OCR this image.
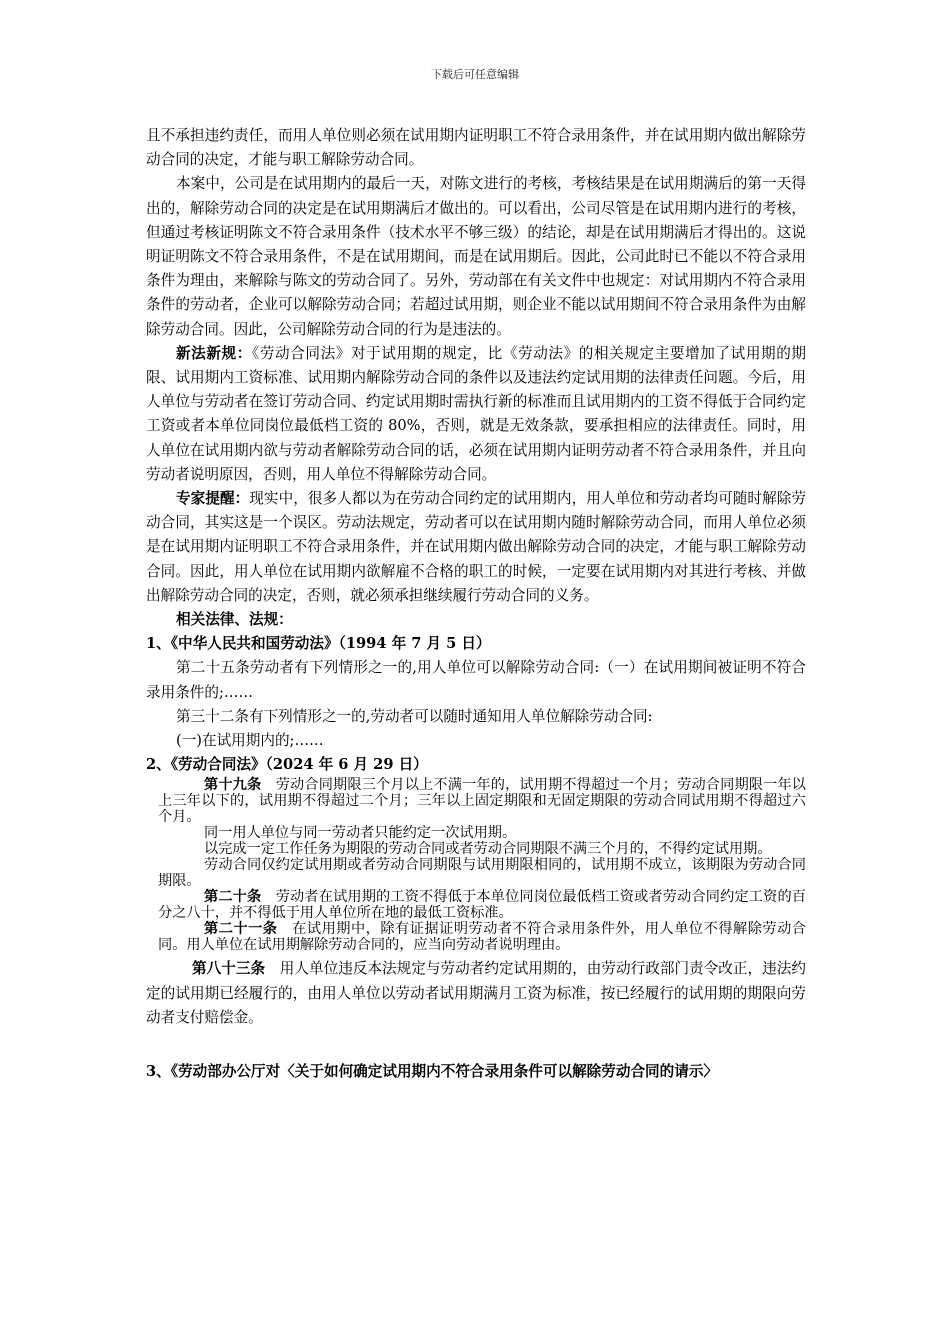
下载后可任意编辑

且不承担违约责任，而用人单位则必须在试用期内证明职工不符合录用条件，并在试用期内做出解除劳动合同的决定，才能与职工解除劳动合同。

本案中，公司是在试用期内的最后一天，对陈文进行的考核，考核结果是在试用期满后的第一天得出的，解除劳动合同的决定是在试用期满后才做出的。可以看出，公司尽管是在试用期内进行的考核，但通过考核证明陈文不符合录用条件（技术水平不够三级）的结论，却是在试用期满后才得出的。这说明证明陈文不符合录用条件，不是在试用期间，而是在试用期后。因此，公司此时已不能以不符合录用条件为理由，来解除与陈文的劳动合同了。另外，劳动部在有关文件中也规定：对试用期内不符合录用条件的劳动者，企业可以解除劳动合同；若超过试用期，则企业不能以试用期间不符合录用条件为由解除劳动合同。因此，公司解除劳动合同的行为是违法的。

新法新规：《劳动合同法》对于试用期的规定，比《劳动法》的相关规定主要增加了试用期的期限、试用期内工资标准、试用期内解除劳动合同的条件以及违法约定试用期的法律责任问题。今后，用人单位与劳动者在签订劳动合同、约定试用期时需执行新的标准而且试用期内的工资不得低于合同约定工资或者本单位同岗位最低档工资的 80%，否则，就是无效条款，要承担相应的法律责任。同时，用人单位在试用期内欲与劳动者解除劳动合同的话，必须在试用期内证明劳动者不符合录用条件，并且向劳动者说明原因，否则，用人单位不得解除劳动合同。

专家提醒：现实中，很多人都以为在劳动合同约定的试用期内，用人单位和劳动者均可随时解除劳动合同，其实这是一个误区。劳动法规定，劳动者可以在试用期内随时解除劳动合同，而用人单位必须是在试用期内证明职工不符合录用条件，并在试用期内做出解除劳动合同的决定，才能与职工解除劳动合同。因此，用人单位在试用期内欲解雇不合格的职工的时候，一定要在试用期内对其进行考核、并做出解除劳动合同的决定，否则，就必须承担继续履行劳动合同的义务。

相关法律、法规：

1、《中华人民共和国劳动法》（1994 年 7 月 5 日）

第二十五条劳动者有下列情形之一的,用人单位可以解除劳动合同:（一）在试用期间被证明不符合录用条件的;……

第三十二条有下列情形之一的,劳动者可以随时通知用人单位解除劳动合同:

(一)在试用期内的;……

2、《劳动合同法》（2024 年 6 月 29 日）

第十九条　劳动合同期限三个月以上不满一年的，试用期不得超过一个月；劳动合同期限一年以上三年以下的，试用期不得超过二个月；三年以上固定期限和无固定期限的劳动合同试用期不得超过六个月。

同一用人单位与同一劳动者只能约定一次试用期。

以完成一定工作任务为期限的劳动合同或者劳动合同期限不满三个月的，不得约定试用期。

劳动合同仅约定试用期或者劳动合同期限与试用期限相同的，试用期不成立，该期限为劳动合同期限。

第二十条　劳动者在试用期的工资不得低于本单位同岗位最低档工资或者劳动合同约定工资的百分之八十，并不得低于用人单位所在地的最低工资标准。

第二十一条　在试用期中，除有证据证明劳动者不符合录用条件外，用人单位不得解除劳动合同。用人单位在试用期解除劳动合同的，应当向劳动者说明理由。

第八十三条　用人单位违反本法规定与劳动者约定试用期的，由劳动行政部门责令改正，违法约定的试用期已经履行的，由用人单位以劳动者试用期满月工资为标准，按已经履行的试用期的期限向劳动者支付赔偿金。

3、《劳动部办公厅对〈关于如何确定试用期内不符合录用条件可以解除劳动合同的请示〉
